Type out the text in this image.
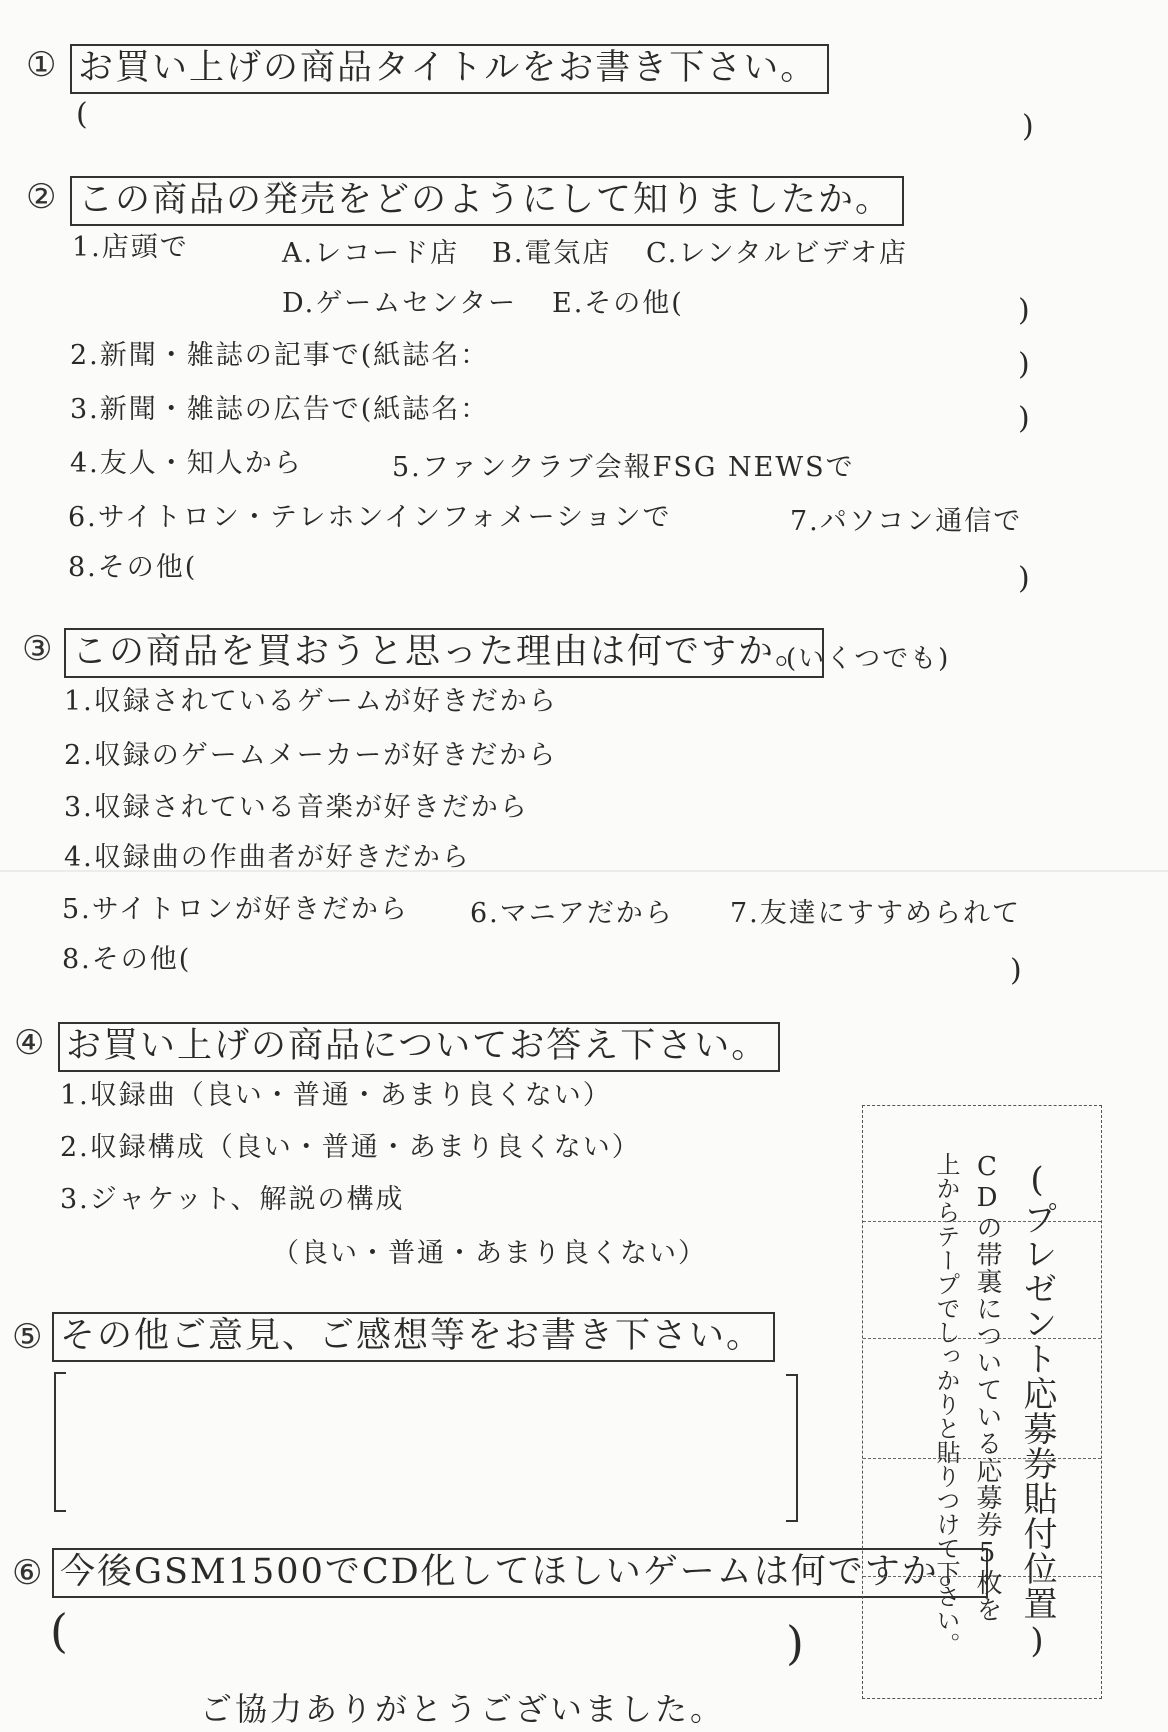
① お買い上げの商品タイトルをお書き下さい。
(	)
② この商品の発売をどのようにして知りましたか。
1.店頭で	A.レコード店 B.電気店 C.レンタルビデオ店
D.ゲームセンター E.その他(	)
2.新聞・雑誌の記事で(紙誌名：	)
3.新聞・雑誌の広告で(紙誌名：	)
4.友人・知人から	5.ファンクラブ会報FSG NEWSで
6.サイトロン・テレホンインフォメーションで	7.パソコン通信で
8.その他(	)
③ この商品を買おうと思った理由は何ですか。
(いくつでも)
1.収録されているゲームが好きだから
2.収録のゲームメーカーが好きだから
3.収録されている音楽が好きだから
4.収録曲の作曲者が好きだから
5.サイトロンが好きだから 6.マニアだから 7.友達にすすめられて
8.その他(	)
④ お買い上げの商品についてお答え下さい。
1.収録曲（良い・普通・あまり良くない）
2.収録構成（良い・普通・あまり良くない）
3.ジャケット、解説の構成
（良い・普通・あまり良くない）
⑤ その他ご意見、ご感想等をお書き下さい。
⑥ 今後GSM1500でCD化してほしいゲームは何ですか。
(	)	(プレゼント応募券貼付位置)
CDの帯裏についている応募券5枚を
上からテープでしっかりと貼りつけて下さい。
ご協力ありがとうございました。
